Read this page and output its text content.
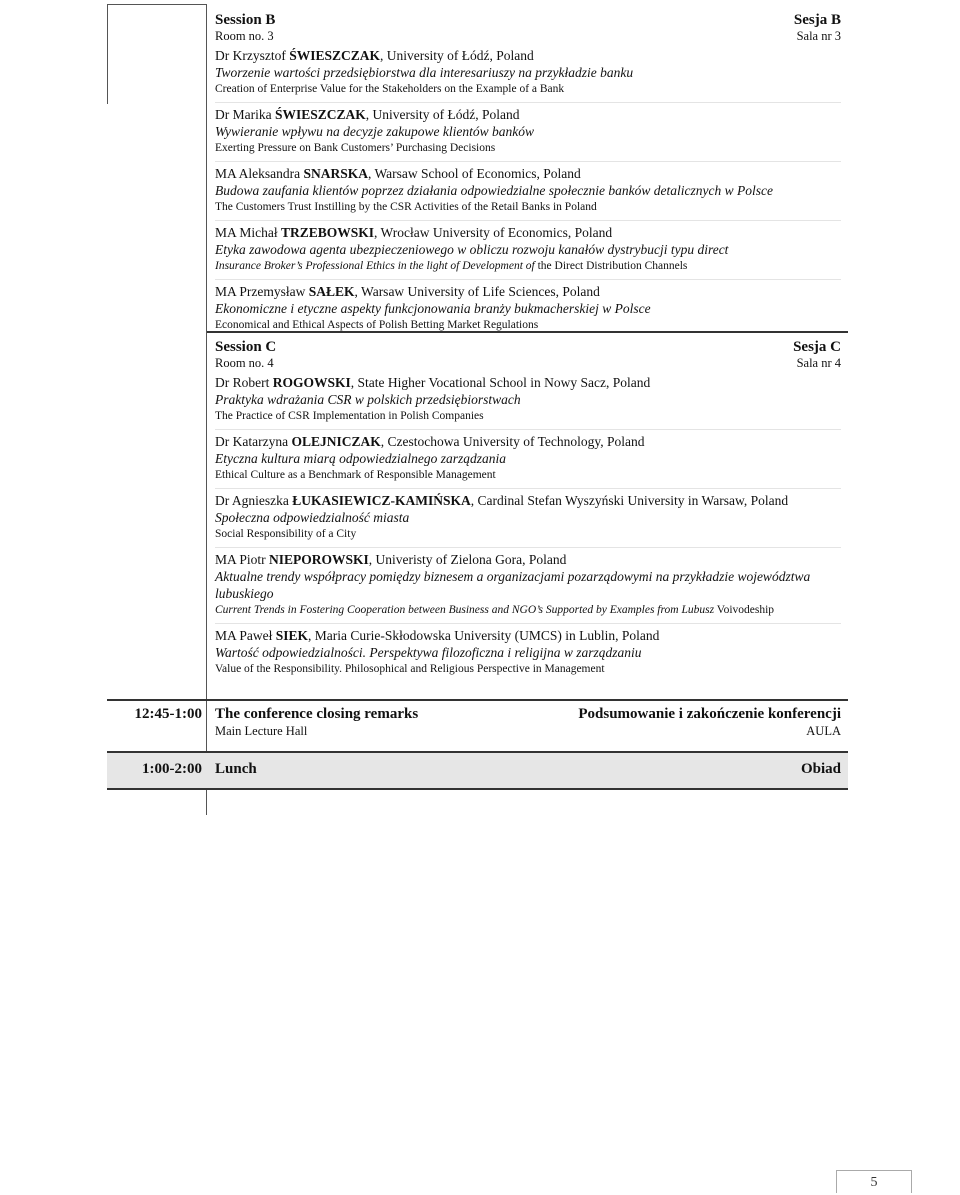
Session B	Sesja B
Room no. 3	Sala nr 3
Dr Krzysztof ŚWIESZCZAK, University of Łódź, Poland
Tworzenie wartości przedsiębiorstwa dla interesariuszy na przykładzie banku
Creation of Enterprise Value for the Stakeholders on the Example of a Bank
Dr Marika ŚWIESZCZAK, University of Łódź, Poland
Wywieranie wpływu na decyzje zakupowe klientów banków
Exerting Pressure on Bank Customers’ Purchasing Decisions
MA Aleksandra SNARSKA, Warsaw School of Economics, Poland
Budowa zaufania klientów poprzez działania odpowiedzialne społecznie banków detalicznych w Polsce
The Customers Trust Instilling by the CSR Activities of the Retail Banks in Poland
MA Michał TRZEBOWSKI, Wrocław University of Economics, Poland
Etyka zawodowa agenta ubezpieczeniowego w obliczu rozwoju kanałów dystrybucji typu direct
Insurance Broker’s Professional Ethics in the light of Development of the Direct Distribution Channels
MA Przemysław SAŁEK, Warsaw University of Life Sciences, Poland
Ekonomiczne i etyczne aspekty funkcjonowania branży bukmacherskiej w Polsce
Economical and Ethical Aspects of Polish Betting Market Regulations
Session C	Sesja C
Room no. 4	Sala nr 4
Dr Robert ROGOWSKI, State Higher Vocational School in Nowy Sacz, Poland
Praktyka wdrażania CSR w polskich przedsiębiorstwach
The Practice of CSR Implementation in Polish Companies
Dr Katarzyna OLEJNICZAK, Czestochowa University of Technology, Poland
Etyczna kultura miarą odpowiedzialnego zarządzania
Ethical Culture as a Benchmark of Responsible Management
Dr Agnieszka ŁUKASIEWICZ-KAMIŃSKA, Cardinal Stefan Wyszyński University in Warsaw, Poland
Społeczna odpowiedzialność miasta
Social Responsibility of a City
MA Piotr NIEPOROWSKI, Univeristy of Zielona Gora, Poland
Aktualne trendy współpracy pomiędzy biznesem a organizacjami pozarządowymi na przykładzie województwa lubuskiego
Current Trends in Fostering Cooperation between Business and NGO’s Supported by Examples from Lubusz Voivodeship
MA Paweł SIEK, Maria Curie-Skłodowska University (UMCS) in Lublin, Poland
Wartość odpowiedzialności. Perspektywa filozoficzna i religijna w zarządzaniu
Value of the Responsibility. Philosophical and Religious Perspective in Management
12:45-1:00 The conference closing remarks	Podsumowanie i zakończenie konferencji
Main Lecture Hall	AULA
1:00-2:00 Lunch	Obiad
5
